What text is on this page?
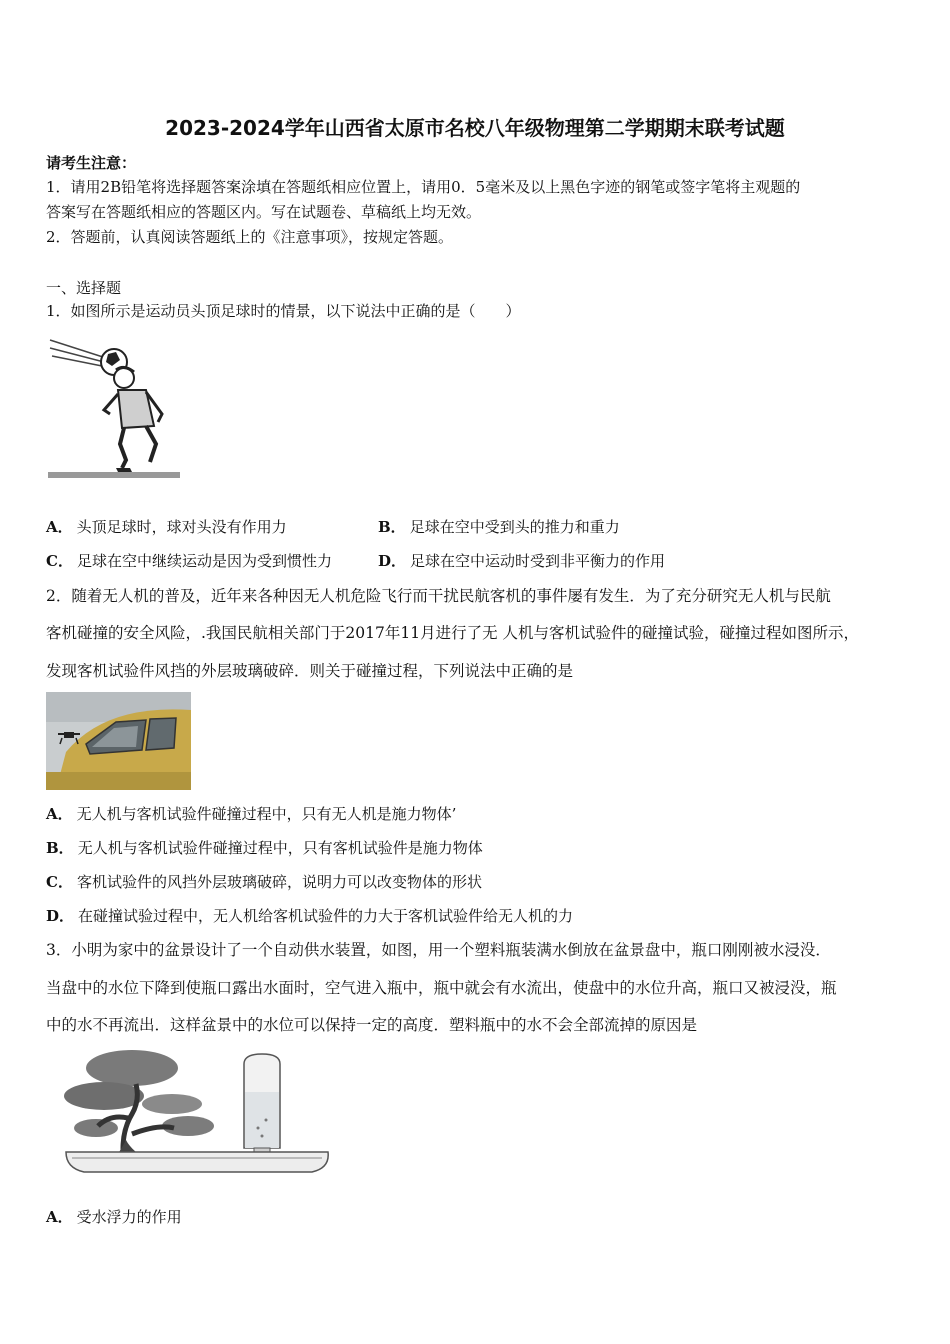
2023-2024学年山西省太原市名校八年级物理第二学期期末联考试题
请考生注意：
1．请用2B铅笔将选择题答案涂填在答题纸相应位置上，请用0．5毫米及以上黑色字迹的钢笔或签字笔将主观题的
答案写在答题纸相应的答题区内。写在试题卷、草稿纸上均无效。
2．答题前，认真阅读答题纸上的《注意事项》，按规定答题。
一、选择题
1．如图所示是运动员头顶足球时的情景，以下说法中正确的是（　　）
A． 头顶足球时，球对头没有作用力	B． 足球在空中受到头的推力和重力
C． 足球在空中继续运动是因为受到惯性力	D． 足球在空中运动时受到非平衡力的作用
2．随着无人机的普及，近年来各种因无人机危险飞行而干扰民航客机的事件屡有发生．为了充分研究无人机与民航
客机碰撞的安全风险，.我国民航相关部门于2017年11月进行了无 人机与客机试验件的碰撞试验，碰撞过程如图所示，
发现客机试验件风挡的外层玻璃破碎．则关于碰撞过程，下列说法中正确的是
A． 无人机与客机试验件碰撞过程中，只有无人机是施力物体’
B． 无人机与客机试验件碰撞过程中，只有客机试验件是施力物体
C． 客机试验件的风挡外层玻璃破碎，说明力可以改变物体的形状
D． 在碰撞试验过程中，无人机给客机试验件的力大于客机试验件给无人机的力
3．小明为家中的盆景设计了一个自动供水装置，如图，用一个塑料瓶装满水倒放在盆景盘中，瓶口刚刚被水浸没．
当盘中的水位下降到使瓶口露出水面时，空气进入瓶中，瓶中就会有水流出，使盘中的水位升高，瓶口又被浸没，瓶
中的水不再流出．这样盆景中的水位可以保持一定的高度．塑料瓶中的水不会全部流掉的原因是
A． 受水浮力的作用
